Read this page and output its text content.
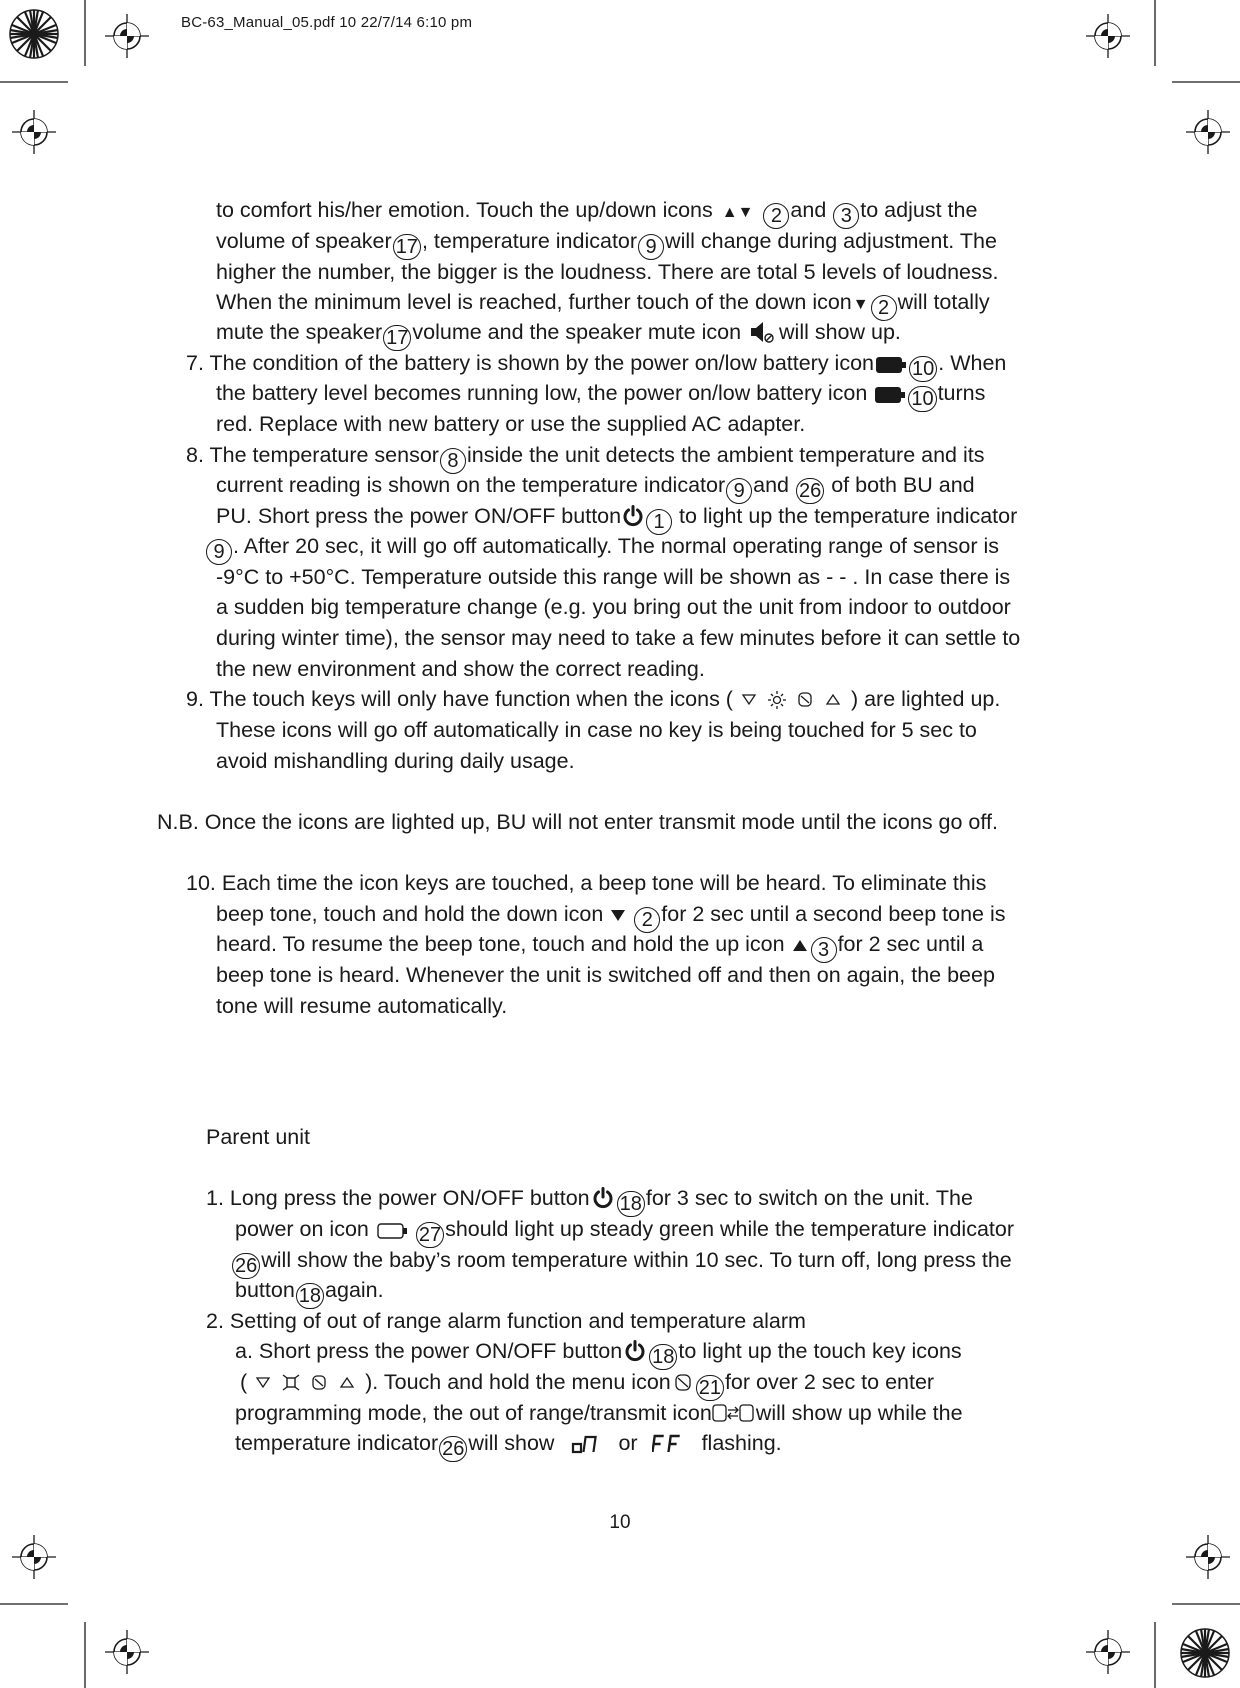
BC-63_Manual_05.pdf 10 22/7/14 6:10 pm
to comfort his/her emotion. Touch the up/down icons ▲▼ 2 and 3 to adjust the
volume of speaker 17 , temperature indicator 9 will change during adjustment. The
higher the number, the bigger is the loudness. There are total 5 levels of loudness.
When the minimum level is reached, further touch of the down icon▼ 2 will totally
mute the speaker 17 volume and the speaker mute icon will show up.
7. The condition of the battery is shown by the power on/low battery icon 10 . When
the battery level becomes running low, the power on/low battery icon 10 turns
red. Replace with new battery or use the supplied AC adapter.
8. The temperature sensor 8 inside the unit detects the ambient temperature and its
current reading is shown on the temperature indicator 9 and 26 of both BU and
PU. Short press the power ON/OFF button 1 to light up the temperature indicator
9 . After 20 sec, it will go off automatically. The normal operating range of sensor is
-9°C to +50°C. Temperature outside this range will be shown as - - . In case there is
a sudden big temperature change (e.g. you bring out the unit from indoor to outdoor
during winter time), the sensor may need to take a few minutes before it can settle to
the new environment and show the correct reading.
9. The touch keys will only have function when the icons (	) are lighted up.
These icons will go off automatically in case no key is being touched for 5 sec to
avoid mishandling during daily usage.
N.B. Once the icons are lighted up, BU will not enter transmit mode until the icons go off.
10. Each time the icon keys are touched, a beep tone will be heard. To eliminate this
beep tone, touch and hold the down icon 2 for 2 sec until a second beep tone is
heard. To resume the beep tone, touch and hold the up icon 3 for 2 sec until a
beep tone is heard. Whenever the unit is switched off and then on again, the beep
tone will resume automatically.
Parent unit
1. Long press the power ON/OFF button 18 for 3 sec to switch on the unit. The
power on icon 27 should light up steady green while the temperature indicator
26 will show the baby’s room temperature within 10 sec. To turn off, long press the
button 18 again.
2. Setting of out of range alarm function and temperature alarm
a. Short press the power ON/OFF button 18 to light up the touch key icons
(	). Touch and hold the menu icon 21 for over 2 sec to enter
programming mode, the out of range/transmit icon will show up while the
temperature indicator 26 will show	or	flashing.
10
